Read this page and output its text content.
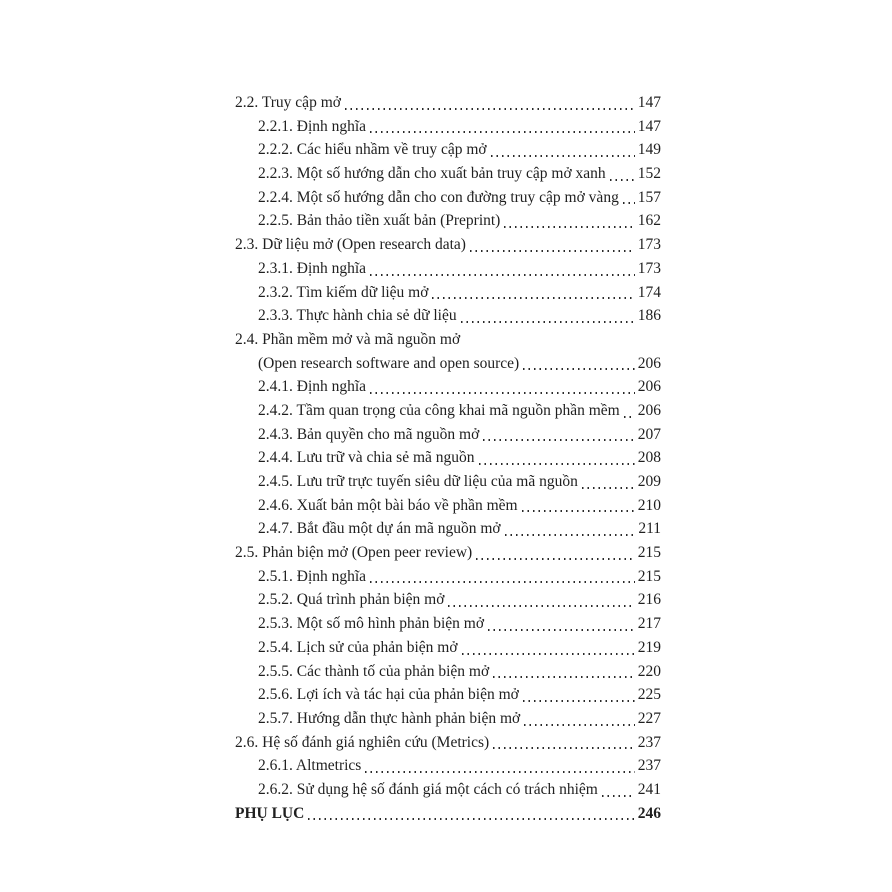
2.2. Truy cập mở	147
2.2.1. Định nghĩa	147
2.2.2. Các hiểu nhầm về truy cập mở	149
2.2.3. Một số hướng dẫn cho xuất bản truy cập mở xanh 152
2.2.4. Một số hướng dẫn cho con đường truy cập mở vàng 157
2.2.5. Bản thảo tiền xuất bản (Preprint)	162
2.3. Dữ liệu mở (Open research data)	173
2.3.1. Định nghĩa	173
2.3.2. Tìm kiếm dữ liệu mở	174
2.3.3. Thực hành chia sẻ dữ liệu	186
2.4. Phần mềm mở và mã nguồn mở
(Open research software and open source)	206
2.4.1. Định nghĩa	206
2.4.2. Tầm quan trọng của công khai mã nguồn phần mềm 206
2.4.3. Bản quyền cho mã nguồn mở	207
2.4.4. Lưu trữ và chia sẻ mã nguồn	208
2.4.5. Lưu trữ trực tuyến siêu dữ liệu của mã nguồn	209
2.4.6. Xuất bản một bài báo về phần mềm	210
2.4.7. Bắt đầu một dự án mã nguồn mở	211
2.5. Phản biện mở (Open peer review)	215
2.5.1. Định nghĩa	215
2.5.2. Quá trình phản biện mở	216
2.5.3. Một số mô hình phản biện mở	217
2.5.4. Lịch sử của phản biện mở	219
2.5.5. Các thành tố của phản biện mở	220
2.5.6. Lợi ích và tác hại của phản biện mở	225
2.5.7. Hướng dẫn thực hành phản biện mở	227
2.6. Hệ số đánh giá nghiên cứu (Metrics)	237
2.6.1. Altmetrics	237
2.6.2. Sử dụng hệ số đánh giá một cách có trách nhiệm	241
PHỤ LỤC	246
